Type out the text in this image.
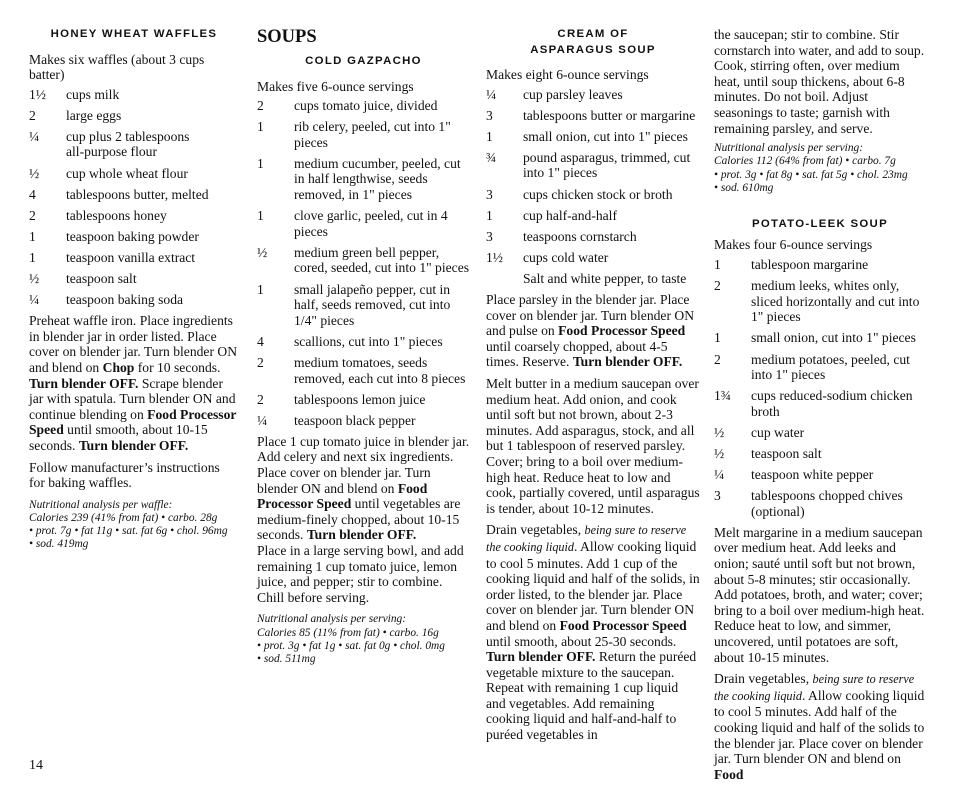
HONEY WHEAT WAFFLES
Makes six waffles (about 3 cups batter)
1½	cups milk
2	large eggs
¼	cup plus 2 tablespoons
all-purpose flour
½	cup whole wheat flour
4	tablespoons butter, melted
2	tablespoons honey
1	teaspoon baking powder
1	teaspoon vanilla extract
½	teaspoon salt
¼	teaspoon baking soda

Preheat waffle iron. Place ingredients in blender jar in order listed. Place cover on blender jar. Turn blender ON and blend on Chop for 10 seconds. Turn blender OFF. Scrape blender jar with spatula. Turn blender ON and continue blending on Food Processor Speed until smooth, about 10-15 seconds. Turn blender OFF.

Follow manufacturer’s instructions for baking waffles.

Nutritional analysis per waffle:
Calories 239 (41% from fat) • carbo. 28g
• prot. 7g • fat 11g • sat. fat 6g • chol. 96mg
• sod. 419mg
SOUPS
COLD GAZPACHO
Makes five 6-ounce servings
2	cups tomato juice, divided
1	rib celery, peeled, cut into 1"
pieces
1	medium cucumber, peeled, cut
in half lengthwise, seeds
removed, in 1" pieces
1	clove garlic, peeled, cut in 4
pieces
½	medium green bell pepper,
cored, seeded, cut into 1" pieces
1	small jalapeño pepper, cut in
half, seeds removed, cut into
1/4" pieces
4	scallions, cut into 1" pieces
2	medium tomatoes, seeds
removed, each cut into 8 pieces
2	tablespoons lemon juice
¼	teaspoon black pepper

Place 1 cup tomato juice in blender jar. Add celery and next six ingredients. Place cover on blender jar. Turn blender ON and blend on Food Processor Speed until vegetables are medium-finely chopped, about 10-15 seconds. Turn blender OFF.

Place in a large serving bowl, and add remaining 1 cup tomato juice, lemon juice, and pepper; stir to combine. Chill before serving.

Nutritional analysis per serving:
Calories 85 (11% from fat) • carbo. 16g
• prot. 3g • fat 1g • sat. fat 0g • chol. 0mg
• sod. 511mg
CREAM OF
ASPARAGUS SOUP
Makes eight 6-ounce servings
¼	cup parsley leaves
3	tablespoons butter or margarine
1	small onion, cut into 1" pieces
¾	pound asparagus, trimmed, cut
into 1" pieces
3	cups chicken stock or broth
1	cup half-and-half
3	teaspoons cornstarch
1½	cups cold water
Salt and white pepper, to taste

Place parsley in the blender jar. Place cover on blender jar. Turn blender ON and pulse on Food Processor Speed until coarsely chopped, about 4-5 times. Reserve. Turn blender OFF.

Melt butter in a medium saucepan over medium heat. Add onion, and cook until soft but not brown, about 2-3 minutes. Add asparagus, stock, and all but 1 tablespoon of reserved parsley. Cover; bring to a boil over medium-high heat. Reduce heat to low and cook, partially covered, until asparagus is tender, about 10-12 minutes.

Drain vegetables, being sure to reserve the cooking liquid. Allow cooking liquid to cool 5 minutes. Add 1 cup of the cooking liquid and half of the solids, in order listed, to the blender jar. Place cover on blender jar. Turn blender ON and blend on Food Processor Speed until smooth, about 25-30 seconds. Turn blender OFF. Return the puréed vegetable mixture to the saucepan. Repeat with remaining 1 cup liquid and vegetables. Add remaining cooking liquid and half-and-half to puréed vegetables in

the saucepan; stir to combine. Stir cornstarch into water, and add to soup. Cook, stirring often, over medium heat, until soup thickens, about 6-8 minutes. Do not boil. Adjust seasonings to taste; garnish with remaining parsley, and serve.

Nutritional analysis per serving:
Calories 112 (64% from fat) • carbo. 7g
• prot. 3g • fat 8g • sat. fat 5g • chol. 23mg
• sod. 610mg
POTATO-LEEK SOUP
Makes four 6-ounce servings
1	tablespoon margarine
2	medium leeks, whites only,
sliced horizontally and cut into
1" pieces
1	small onion, cut into 1" pieces
2	medium potatoes, peeled, cut
into 1" pieces
1¾	cups reduced-sodium chicken
broth
½	cup water
½	teaspoon salt
¼	teaspoon white pepper
3	tablespoons chopped chives
(optional)

Melt margarine in a medium saucepan over medium heat. Add leeks and onion; sauté until soft but not brown, about 5-8 minutes; stir occasionally. Add potatoes, broth, and water; cover; bring to a boil over medium-high heat. Reduce heat to low, and simmer, uncovered, until potatoes are soft, about 10-15 minutes.

Drain vegetables, being sure to reserve the cooking liquid. Allow cooking liquid to cool 5 minutes. Add half of the cooking liquid and half of the solids to the blender jar. Place cover on blender jar. Turn blender ON and blend on Food

14
